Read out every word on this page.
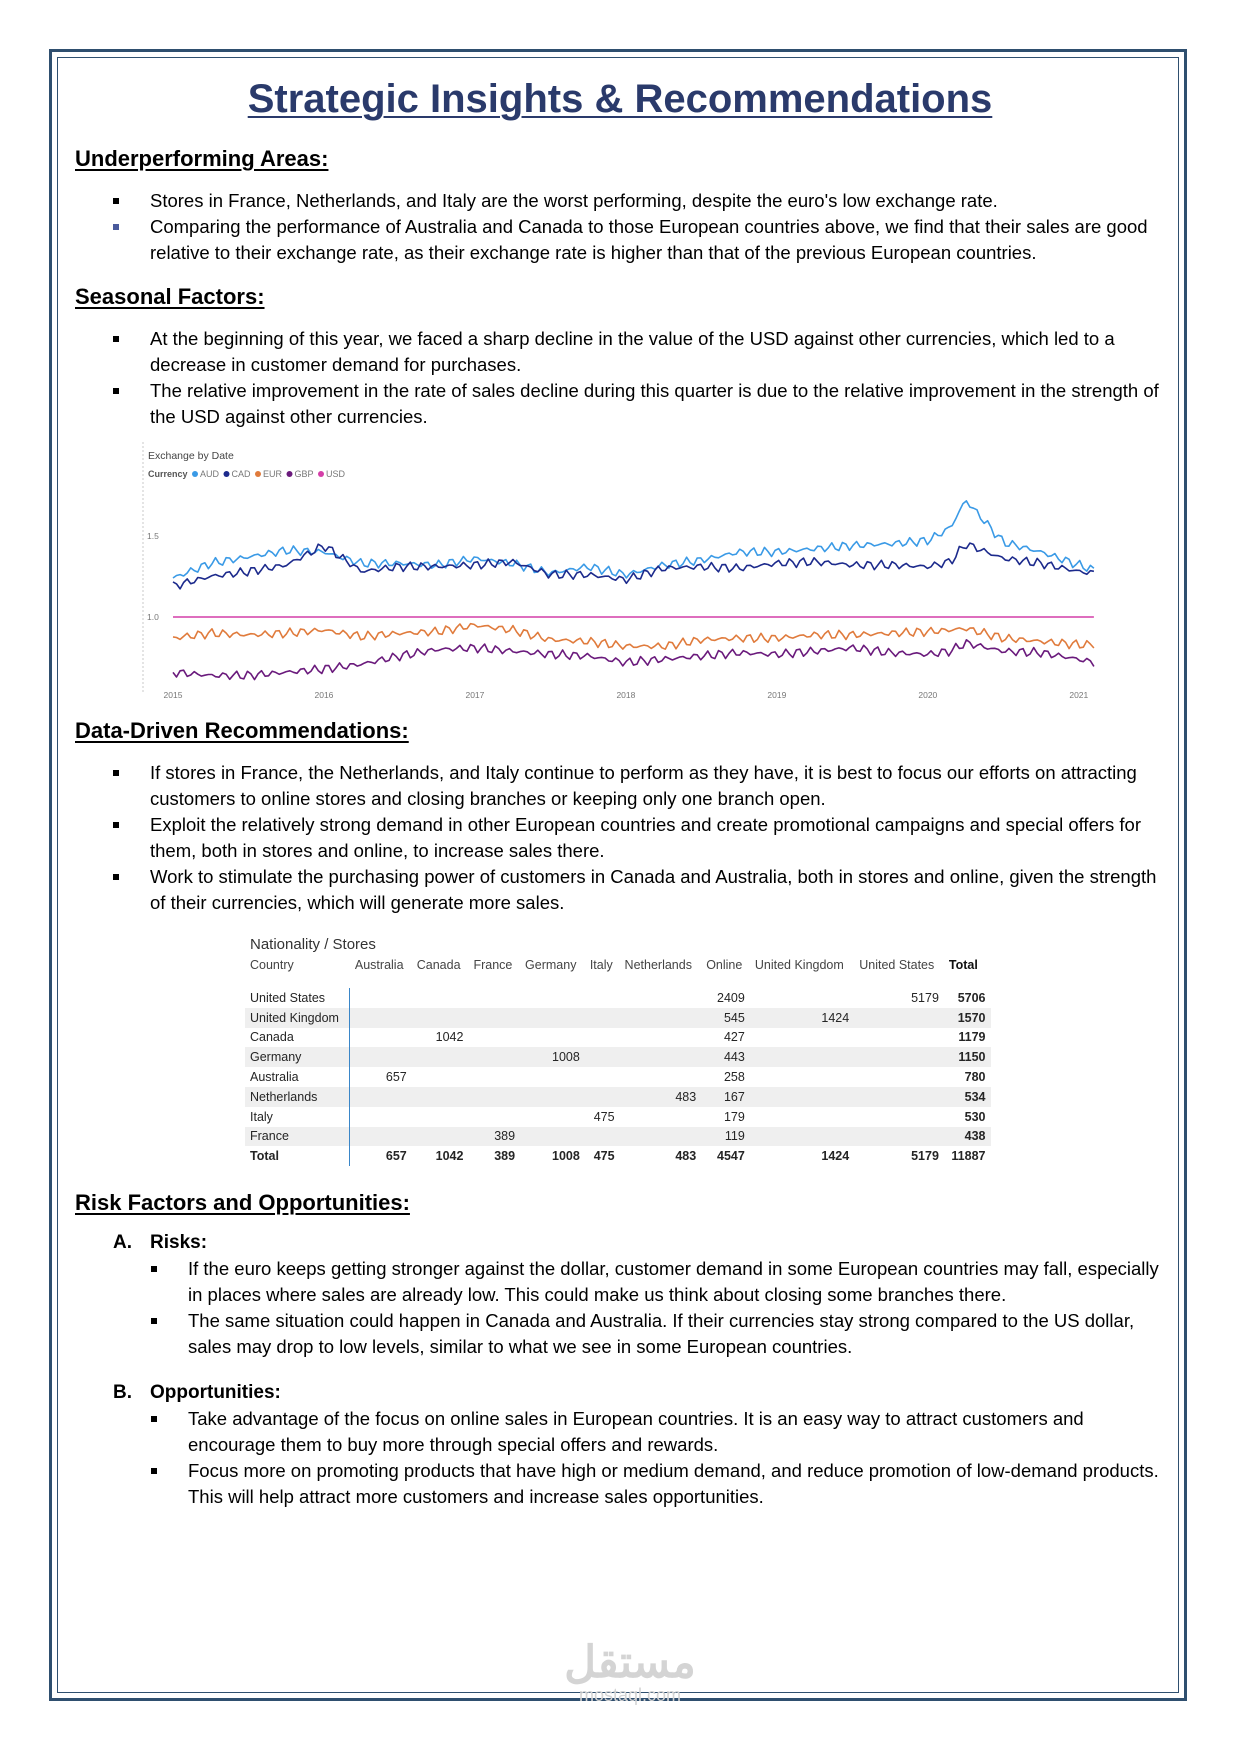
Strategic Insights & Recommendations
Underperforming Areas:
Stores in France, Netherlands, and Italy are the worst performing, despite the euro's low exchange rate.
Comparing the performance of Australia and Canada to those European countries above, we find that their sales are good relative to their exchange rate, as their exchange rate is higher than that of the previous European countries.
Seasonal Factors:
At the beginning of this year, we faced a sharp decline in the value of the USD against other currencies, which led to a decrease in customer demand for purchases.
The relative improvement in the rate of sales decline during this quarter is due to the relative improvement in the strength of the USD against other currencies.
Exchange by Date
Currency AUD CAD EUR GBP USD
1.0
1.5
2015	2016	2017	2018	2019	2020	2021
Data-Driven Recommendations:
If stores in France, the Netherlands, and Italy continue to perform as they have, it is best to focus our efforts on attracting customers to online stores and closing branches or keeping only one branch open.
Exploit the relatively strong demand in other European countries and create promotional campaigns and special offers for them, both in stores and online, to increase sales there.
Work to stimulate the purchasing power of customers in Canada and Australia, both in stores and online, given the strength of their currencies, which will generate more sales.
Nationality / Stores
Country	Australia	Canada	France	Germany	Italy	Netherlands	Online	United Kingdom	United States	Total
United States							2409		5179	5706
United Kingdom							545	1424		1570
Canada		1042					427			1179
Germany				1008			443			1150
Australia	657						258			780
Netherlands						483	167			534
Italy					475		179			530
France			389				119			438
Total	657	1042	389	1008	475	483	4547	1424	5179	11887
Risk Factors and Opportunities:
A. Risks:
If the euro keeps getting stronger against the dollar, customer demand in some European countries may fall, especially in places where sales are already low. This could make us think about closing some branches there.
The same situation could happen in Canada and Australia. If their currencies stay strong compared to the US dollar, sales may drop to low levels, similar to what we see in some European countries.
B. Opportunities:
Take advantage of the focus on online sales in European countries. It is an easy way to attract customers and encourage them to buy more through special offers and rewards.
Focus more on promoting products that have high or medium demand, and reduce promotion of low-demand products. This will help attract more customers and increase sales opportunities.
مستقل
mostaql.com
